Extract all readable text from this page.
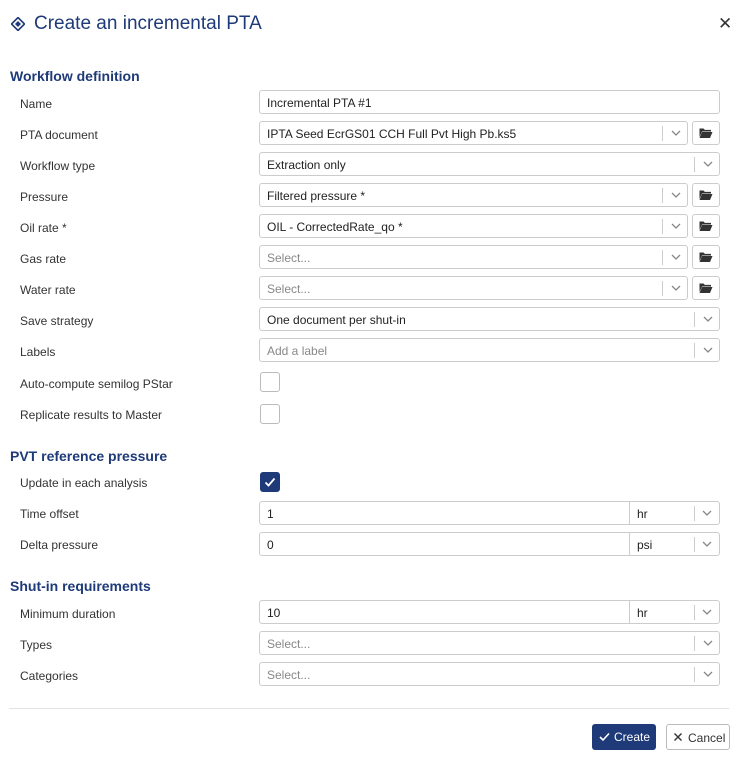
Create an incremental PTA	✕
Workflow definition
Name	Incremental PTA #1
PTA document	IPTA Seed EcrGS01 CCH Full Pvt High Pb.ks5
Workflow type	Extraction only
Pressure	Filtered pressure *
Oil rate *	OIL - CorrectedRate_qo *
Gas rate	Select...
Water rate	Select...
Save strategy	One document per shut-in
Labels	Add a label
Auto-compute semilog PStar
Replicate results to Master
PVT reference pressure
Update in each analysis
Time offset	1	hr
Delta pressure	0	psi
Shut-in requirements
Minimum duration	10	hr
Types	Select...
Categories	Select...
Create	Cancel
